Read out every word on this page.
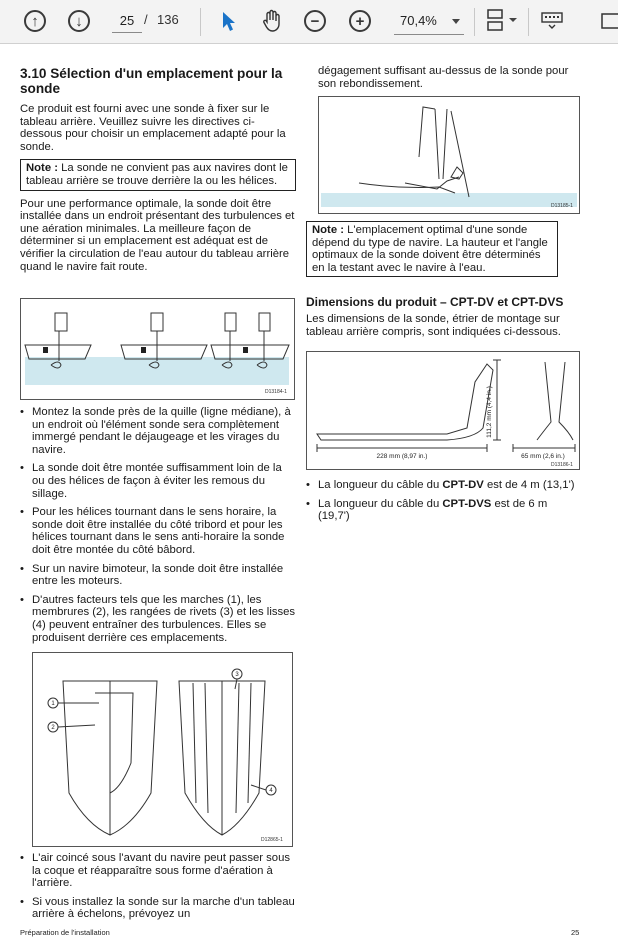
↑	↓
25	/ 136	−	+	70,4%
3.10 Sélection d'un emplacement pour la sonde

Ce produit est fourni avec une sonde à fixer sur le tableau arrière. Veuillez suivre les directives ci-dessous pour choisir un emplacement adapté pour la sonde.

Note : La sonde ne convient pas aux navires dont le tableau arrière se trouve derrière la ou les hélices.

Pour une performance optimale, la sonde doit être installée dans un endroit présentant des turbulences et une aération minimales. La meilleure façon de déterminer si un emplacement est adéquat est de vérifier la circulation de l'eau autour du tableau arrière quand le navire fait route.

D13184-1
• Montez la sonde près de la quille (ligne médiane), à un endroit où l'élément sonde sera complètement immergé pendant le déjaugeage et les virages du navire.
• La sonde doit être montée suffisamment loin de la ou des hélices de façon à éviter les remous du sillage.
• Pour les hélices tournant dans le sens horaire, la sonde doit être installée du côté tribord et pour les hélices tournant dans le sens anti-horaire la sonde doit être montée du côté bâbord.
• Sur un navire bimoteur, la sonde doit être installée entre les moteurs.
• D'autres facteurs tels que les marches (1), les membrures (2), les rangées de rivets (3) et les lisses (4) peuvent entraîner des turbulences. Elles se produisent derrière ces emplacements.
1
2
3
4
D12865-1
• L'air coincé sous l'avant du navire peut passer sous la coque et réapparaître sous forme d'aération à l'arrière.
• Si vous installez la sonde sur la marche d'un tableau arrière à échelons, prévoyez un
dégagement suffisant au-dessus de la sonde pour son rebondissement.
D13185-1
Note : L'emplacement optimal d'une sonde dépend du type de navire. La hauteur et l'angle optimaux de la sonde doivent être déterminés en la testant avec le navire à l'eau.
Dimensions du produit – CPT-DV et CPT-DVS

Les dimensions de la sonde, étrier de montage sur tableau arrière compris, sont indiquées ci-dessous.

111,2 mm (4,4 in.)
228 mm (8,97 in.)	65 mm (2,6 in.)
D13186-1
• La longueur du câble du CPT-DV est de 4 m (13,1')
• La longueur du câble du CPT-DVS est de 6 m (19,7')
Préparation de l'installation	25
